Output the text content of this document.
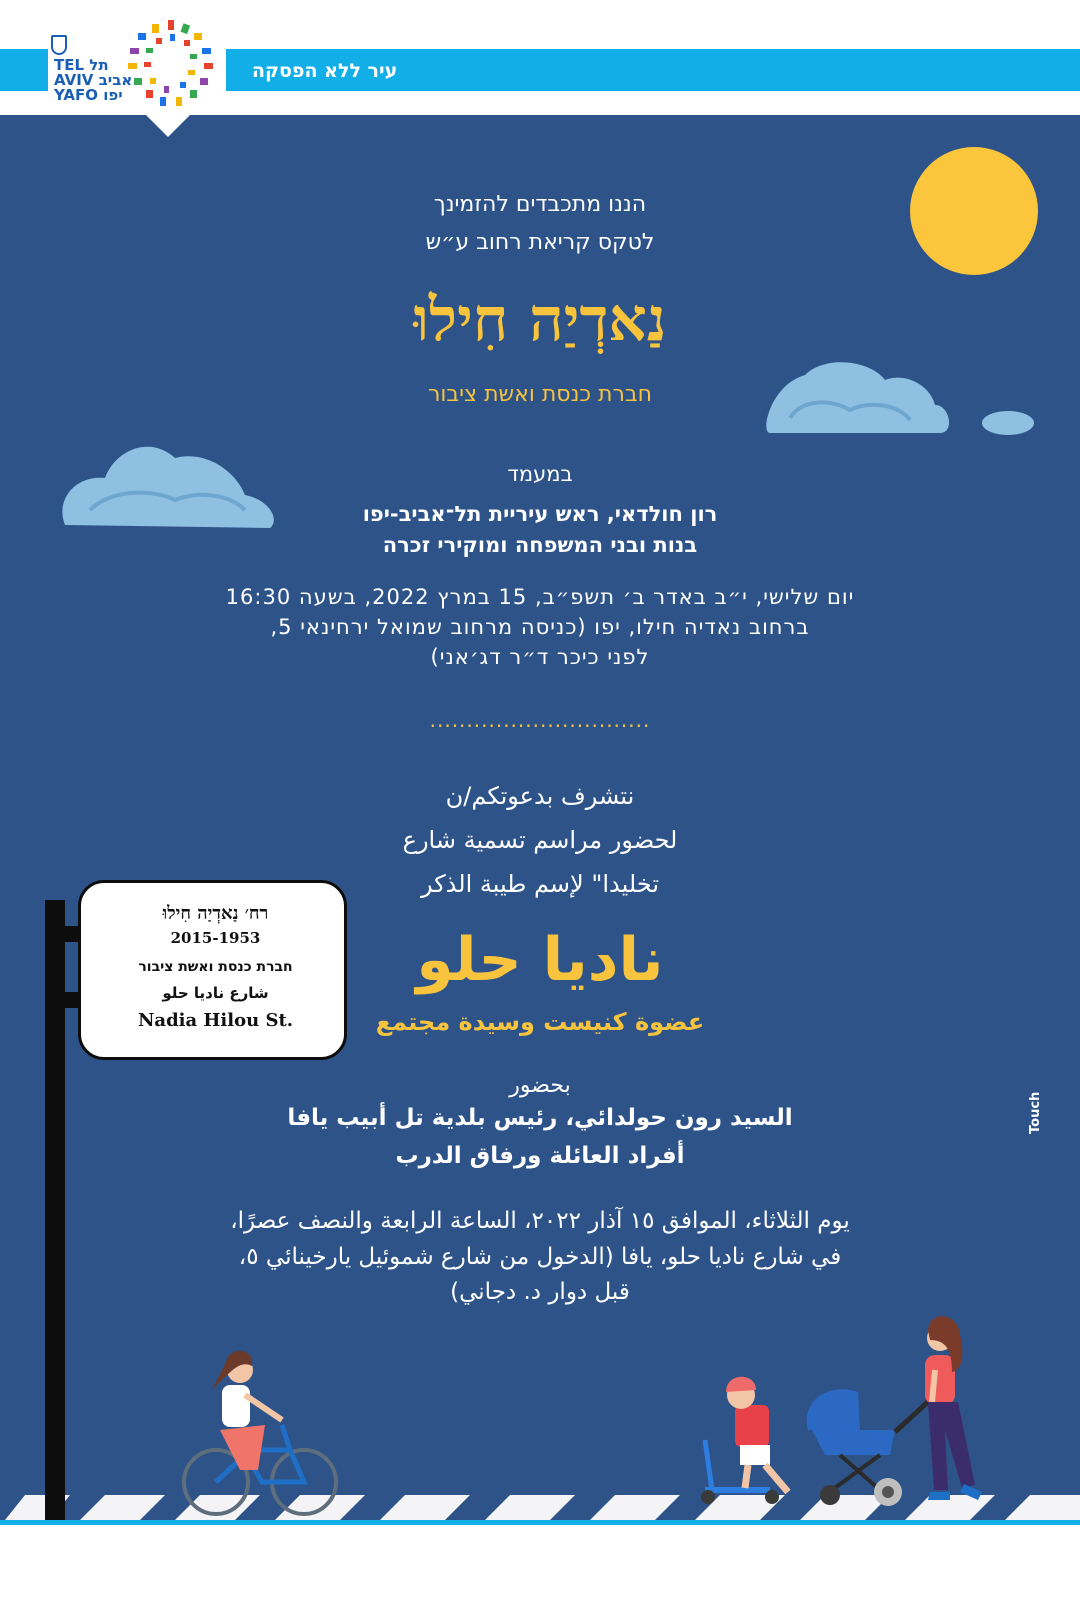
TEL תל
AVIV אביב
YAFO יפו
עיר ללא הפסקה
הננו מתכבדים להזמינך
לטקס קריאת רחוב ע״ש
נַאדְיַה חִילוּ
חברת כנסת ואשת ציבור
במעמד
רון חולדאי, ראש עיריית תל־אביב-יפו
בנות ובני המשפחה ומוקירי זכרה
יום שלישי, י״ב באדר ב׳ תשפ״ב, 15 במרץ 2022, בשעה 16:30
ברחוב נאדיה חילו, יפו (כניסה מרחוב שמואל ירחינאי 5,
לפני כיכר ד״ר דג׳אני)
..............................
نتشرف بدعوتكم/ن
لحضور مراسم تسمية شارع
تخليدا" لإسم طيبة الذكر
ناديا حلو
عضوة كنيست وسيدة مجتمع
بحضور
السيد رون حولدائي، رئيس بلدية تل أبيب يافا
أفراد العائلة ورفاق الدرب
يوم الثلاثاء، الموافق ١٥ آذار ٢٠٢٢، الساعة الرابعة والنصف عصرًا،
في شارع ناديا حلو، يافا (الدخول من شارع شموئيل يارخينائي ٥،
قبل دوار د. دجاني)
Touch
רח׳ נַאדְיַה חִילוּ
2015-1953
חברת כנסת ואשת ציבור
شارع ناديا حلو
Nadia Hilou St.
